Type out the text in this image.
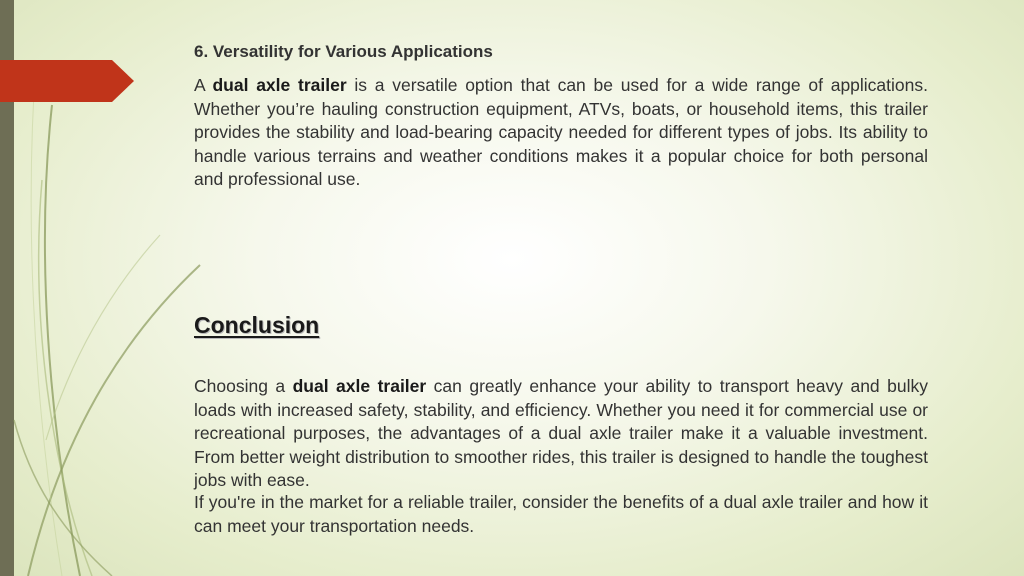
6. Versatility for Various Applications

A dual axle trailer is a versatile option that can be used for a wide range of applications. Whether you’re hauling construction equipment, ATVs, boats, or household items, this trailer provides the stability and load-bearing capacity needed for different types of jobs. Its ability to handle various terrains and weather conditions makes it a popular choice for both personal and professional use.

Conclusion

Choosing a dual axle trailer can greatly enhance your ability to transport heavy and bulky loads with increased safety, stability, and efficiency. Whether you need it for commercial use or recreational purposes, the advantages of a dual axle trailer make it a valuable investment. From better weight distribution to smoother rides, this trailer is designed to handle the toughest jobs with ease.

If you're in the market for a reliable trailer, consider the benefits of a dual axle trailer and how it can meet your transportation needs.
